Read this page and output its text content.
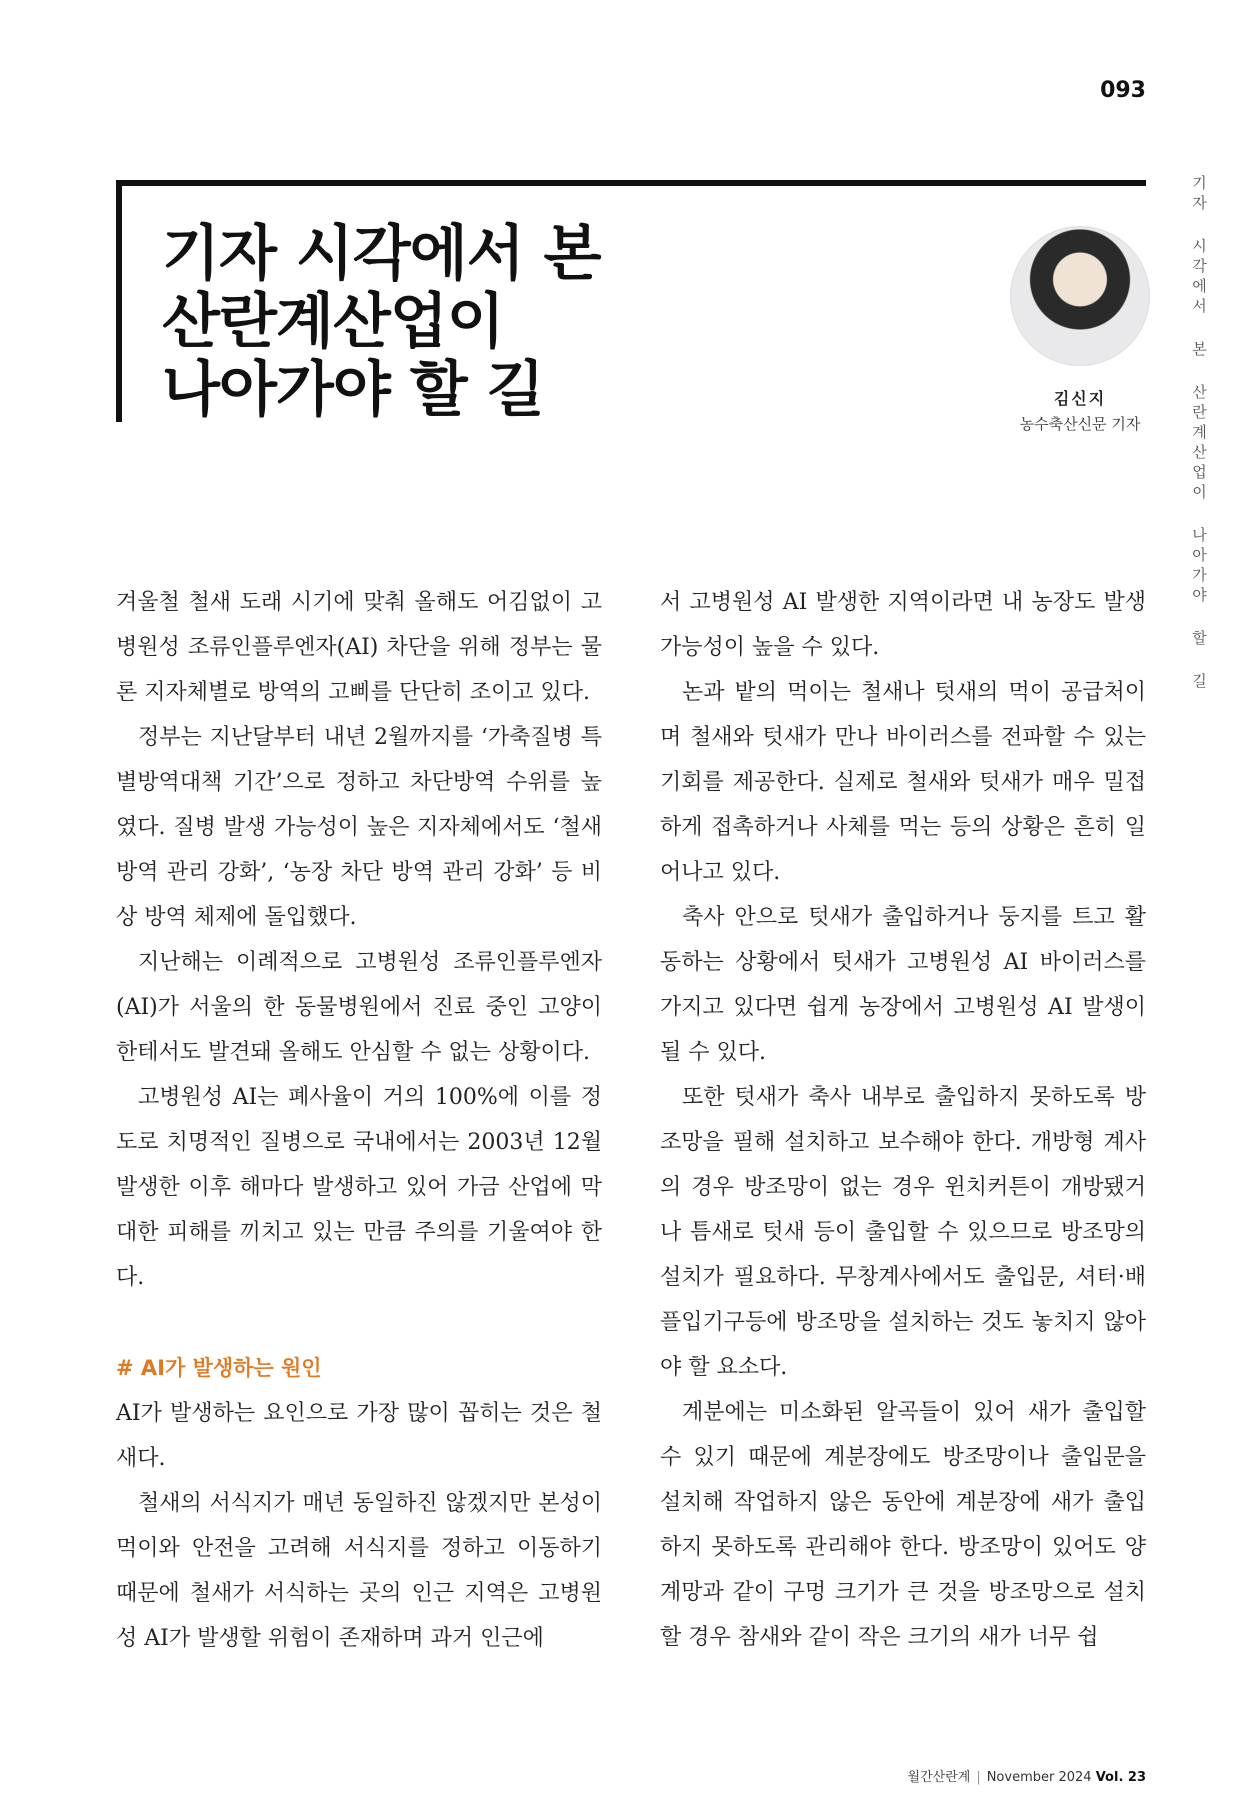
093
기자 시각에서 본
산란계산업이
나아가야 할 길	김신지
농수축산신문 기자	기자 시각에서 본 산란계산업이 나아가야 할 길

겨울철 철새 도래 시기에 맞춰 올해도 어김없이 고병원성 조류인플루엔자(AI) 차단을 위해 정부는 물론 지자체별로 방역의 고삐를 단단히 조이고 있다.

정부는 지난달부터 내년 2월까지를 ‘가축질병 특별방역대책 기간’으로 정하고 차단방역 수위를 높였다. 질병 발생 가능성이 높은 지자체에서도 ‘철새 방역 관리 강화’, ‘농장 차단 방역 관리 강화’ 등 비상 방역 체제에 돌입했다.

지난해는 이례적으로 고병원성 조류인플루엔자(AI)가 서울의 한 동물병원에서 진료 중인 고양이한테서도 발견돼 올해도 안심할 수 없는 상황이다.

고병원성 AI는 폐사율이 거의 100%에 이를 정도로 치명적인 질병으로 국내에서는 2003년 12월 발생한 이후 해마다 발생하고 있어 가금 산업에 막대한 피해를 끼치고 있는 만큼 주의를 기울여야 한다.

# AI가 발생하는 원인

AI가 발생하는 요인으로 가장 많이 꼽히는 것은 철새다.

철새의 서식지가 매년 동일하진 않겠지만 본성이 먹이와 안전을 고려해 서식지를 정하고 이동하기 때문에 철새가 서식하는 곳의 인근 지역은 고병원성 AI가 발생할 위험이 존재하며 과거 인근에

서 고병원성 AI 발생한 지역이라면 내 농장도 발생 가능성이 높을 수 있다.

논과 밭의 먹이는 철새나 텃새의 먹이 공급처이며 철새와 텃새가 만나 바이러스를 전파할 수 있는 기회를 제공한다. 실제로 철새와 텃새가 매우 밀접하게 접촉하거나 사체를 먹는 등의 상황은 흔히 일어나고 있다.

축사 안으로 텃새가 출입하거나 둥지를 트고 활동하는 상황에서 텃새가 고병원성 AI 바이러스를 가지고 있다면 쉽게 농장에서 고병원성 AI 발생이 될 수 있다.

또한 텃새가 축사 내부로 출입하지 못하도록 방조망을 필해 설치하고 보수해야 한다. 개방형 계사의 경우 방조망이 없는 경우 윈치커튼이 개방됐거나 틈새로 텃새 등이 출입할 수 있으므로 방조망의 설치가 필요하다. 무창계사에서도 출입문, 셔터·배플입기구등에 방조망을 설치하는 것도 놓치지 않아야 할 요소다.

계분에는 미소화된 알곡들이 있어 새가 출입할 수 있기 때문에 계분장에도 방조망이나 출입문을 설치해 작업하지 않은 동안에 계분장에 새가 출입하지 못하도록 관리해야 한다. 방조망이 있어도 양계망과 같이 구멍 크기가 큰 것을 방조망으로 설치할 경우 참새와 같이 작은 크기의 새가 너무 쉽

월간산란계 | November 2024 Vol. 23
